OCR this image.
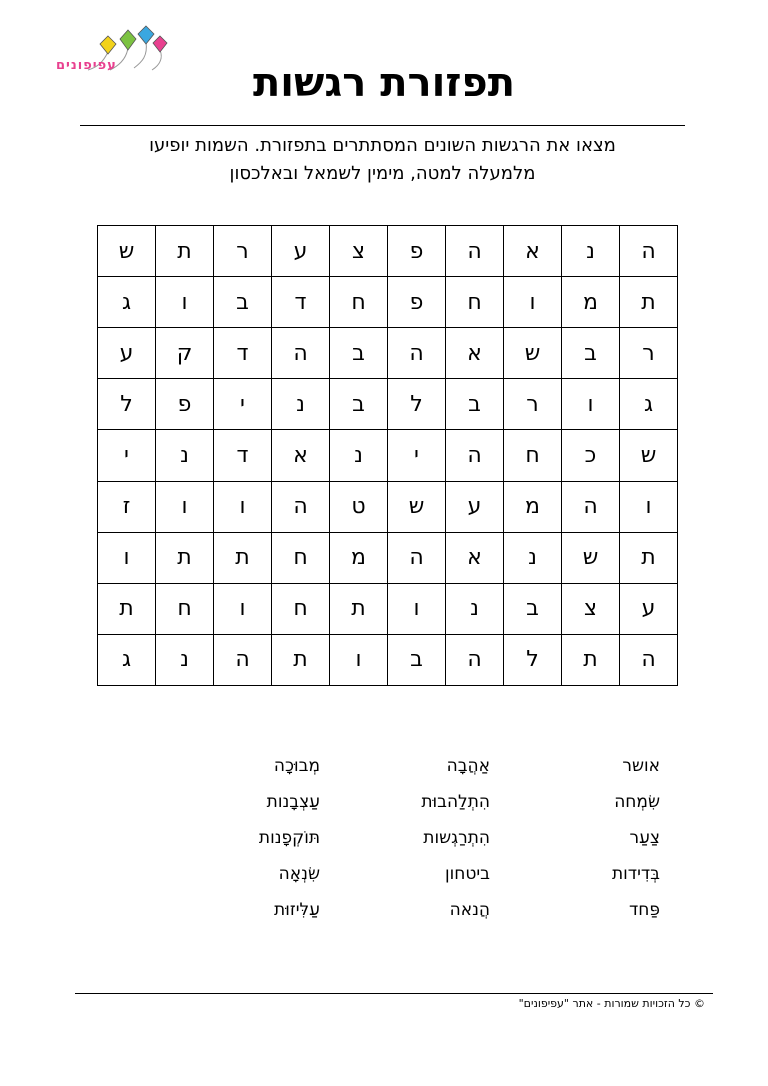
עפיפונים	תפזורת רגשות
מצאו את הרגשות השונים המסתתרים בתפזורת. השמות יופיעו
מלמעלה למטה, מימין לשמאל ובאלכסון
ה	נ	א	ה	פ	צ	ע	ר	ת	ש
ת	מ	ו	ח	פ	ח	ד	ב	ו	ג
ר	ב	ש	א	ה	ב	ה	ד	ק	ע
ג	ו	ר	ב	ל	ב	נ	י	פ	ל
ש	כ	ח	ה	י	נ	א	ד	נ	י
ו	ה	מ	ע	ש	ט	ה	ו	ו	ז
ת	ש	נ	א	ה	מ	ח	ת	ת	ו
ע	צ	ב	נ	ו	ת	ח	ו	ח	ת
ה	ת	ל	ה	ב	ו	ת	ה	נ	ג
אושר
אַהֲבָה
מְבוּכָה
שִׂמְחה
הִתְלַהבוּת
עַצְבָנות
צַעַר
הִתְרַגְשות
תּוֹקְפָנות
בְּדִידות
ביטחון
שִׂנְאָה
פַּחד
הֲנאה
עַלִּיזוּת
© כל הזכויות שמורות - אתר "עפיפונים"
